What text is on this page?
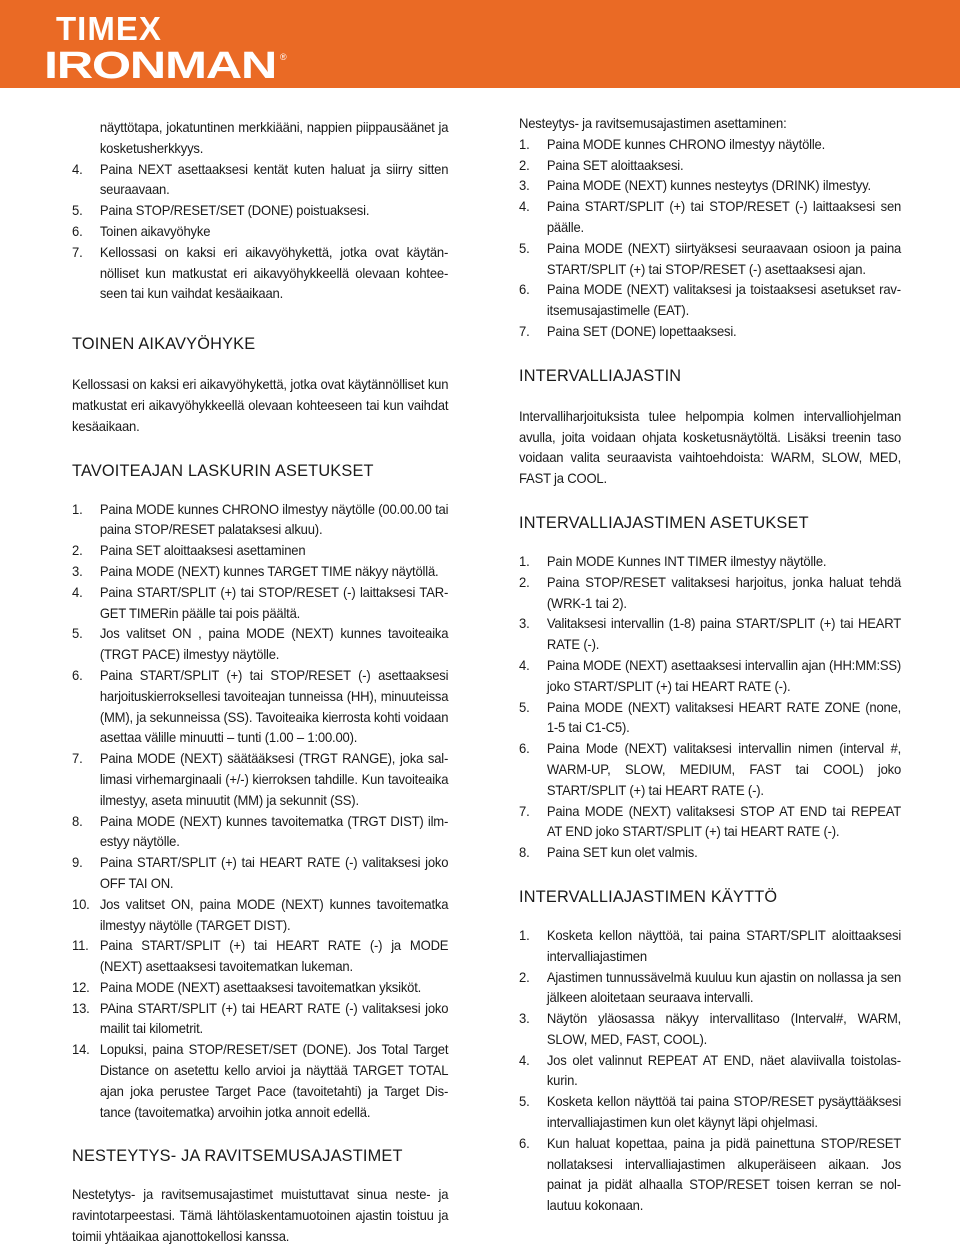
TIMEX
IRONMAN ®

näyttötapa, jokatuntinen merkkiääni, nappien piippausäänet ja kosketusherkkyys.

4. Paina NEXT asettaaksesi kentät kuten haluat ja siirry sitten seuraavaan.
5. Paina STOP/RESET/SET (DONE) poistuaksesi.
6. Toinen aikavyöhyke
7. Kellossasi on kaksi eri aikavyöhykettä, jotka ovat käytännölliset kun matkustat eri aikavyöhykkeellä olevaan kohteeseen tai kun vaihdat kesäaikaan.
TOINEN AIKAVYÖHYKE

Kellossasi on kaksi eri aikavyöhykettä, jotka ovat käytännölliset kun matkustat eri aikavyöhykkeellä olevaan kohteeseen tai kun vaihdat kesäaikaan.

TAVOITEAJAN LASKURIN ASETUKSET
1. Paina MODE kunnes CHRONO ilmestyy näytölle (00.00.00 tai paina STOP/RESET palataksesi alkuu).
2. Paina SET aloittaaksesi asettaminen
3. Paina MODE (NEXT) kunnes TARGET TIME näkyy näytöllä.
4. Paina START/SPLIT (+) tai STOP/RESET (-) laittaksesi TARGET TIMERin päälle tai pois päältä.
5. Jos valitset ON , paina MODE (NEXT) kunnes tavoiteaika (TRGT PACE) ilmestyy näytölle.
6. Paina START/SPLIT (+) tai STOP/RESET (-) asettaaksesi harjoituskierroksellesi tavoiteajan tunneissa (HH), minuuteissa (MM), ja sekunneissa (SS). Tavoiteaika kierrosta kohti voidaan asettaa välille minuutti – tunti (1.00 – 1:00.00).
7. Paina MODE (NEXT) säätääksesi (TRGT RANGE), joka sallimasi virhemarginaali (+/-) kierroksen tahdille. Kun tavoiteaika ilmestyy, aseta minuutit (MM) ja sekunnit (SS).
8. Paina MODE (NEXT) kunnes tavoitematka (TRGT DIST) ilmestyy näytölle.
9. Paina START/SPLIT (+) tai HEART RATE (-) valitaksesi joko OFF TAI ON.
10. Jos valitset ON, paina MODE (NEXT) kunnes tavoitematka ilmestyy näytölle (TARGET DIST).
11. Paina START/SPLIT (+) tai HEART RATE (-) ja MODE (NEXT) asettaaksesi tavoitematkan lukeman.
12. Paina MODE (NEXT) asettaaksesi tavoitematkan yksiköt.
13. PAina START/SPLIT (+) tai HEART RATE (-) valitaksesi joko mailit tai kilometrit.
14. Lopuksi, paina STOP/RESET/SET (DONE). Jos Total Target Distance on asetettu kello arvioi ja näyttää TARGET TOTAL ajan joka perustee Target Pace (tavoitetahti) ja Target Distance (tavoitematka) arvoihin jotka annoit edellä.
NESTEYTYS- JA RAVITSEMUSAJASTIMET

Nestetytys- ja ravitsemusajastimet muistuttavat sinua neste- ja ravintotarpeestasi. Tämä lähtölaskentamuotoinen ajastin toistuu ja toimii yhtäaikaa ajanottokellosi kanssa.

Nesteytys- ja ravitsemusajastimen asettaminen:

1. Paina MODE kunnes CHRONO ilmestyy näytölle.
2. Paina SET aloittaaksesi.
3. Paina MODE (NEXT) kunnes nesteytys (DRINK) ilmestyy.
4. Paina START/SPLIT (+) tai STOP/RESET (-) laittaaksesi sen päälle.
5. Paina MODE (NEXT) siirtyäksesi seuraavaan osioon ja paina START/SPLIT (+) tai STOP/RESET (-) asettaaksesi ajan.
6. Paina MODE (NEXT) valitaksesi ja toistaaksesi asetukset ravitsemusajastimelle (EAT).
7. Paina SET (DONE) lopettaaksesi.
INTERVALLIAJASTIN

Intervalliharjoituksista tulee helpompia kolmen intervalliohjelman avulla, joita voidaan ohjata kosketusnäytöltä. Lisäksi treenin taso voidaan valita seuraavista vaihtoehdoista: WARM, SLOW, MED, FAST ja COOL.

INTERVALLIAJASTIMEN ASETUKSET
1. Pain MODE Kunnes INT TIMER ilmestyy näytölle.
2. Paina STOP/RESET valitaksesi harjoitus, jonka haluat tehdä (WRK-1 tai 2).
3. Valitaksesi intervallin (1-8) paina START/SPLIT (+) tai HEART RATE (-).
4. Paina MODE (NEXT) asettaaksesi intervallin ajan (HH:MM:SS) joko START/SPLIT (+) tai HEART RATE (-).
5. Paina MODE (NEXT) valitaksesi HEART RATE ZONE (none, 1-5 tai C1-C5).
6. Paina Mode (NEXT) valitaksesi intervallin nimen (interval #, WARM-UP, SLOW, MEDIUM, FAST tai COOL) joko START/SPLIT (+) tai HEART RATE (-).
7. Paina MODE (NEXT) valitaksesi STOP AT END tai REPEAT AT END joko START/SPLIT (+) tai HEART RATE (-).
8. Paina SET kun olet valmis.
INTERVALLIAJASTIMEN KÄYTTÖ
1. Kosketa kellon näyttöä, tai paina START/SPLIT aloittaaksesi intervalliajastimen
2. Ajastimen tunnussävelmä kuuluu kun ajastin on nollassa ja sen jälkeen aloitetaan seuraava intervalli.
3. Näytön yläosassa näkyy intervallitaso (Interval#, WARM, SLOW, MED, FAST, COOL).
4. Jos olet valinnut REPEAT AT END, näet alaviivalla toistolaskurin.
5. Kosketa kellon näyttöä tai paina STOP/RESET pysäyttääksesi intervalliajastimen kun olet käynyt läpi ohjelmasi.
6. Kun haluat kopettaa, paina ja pidä painettuna STOP/RESET nollataksesi intervalliajastimen alkuperäiseen aikaan. Jos painat ja pidät alhaalla STOP/RESET toisen kerran se nollautuu kokonaan.
